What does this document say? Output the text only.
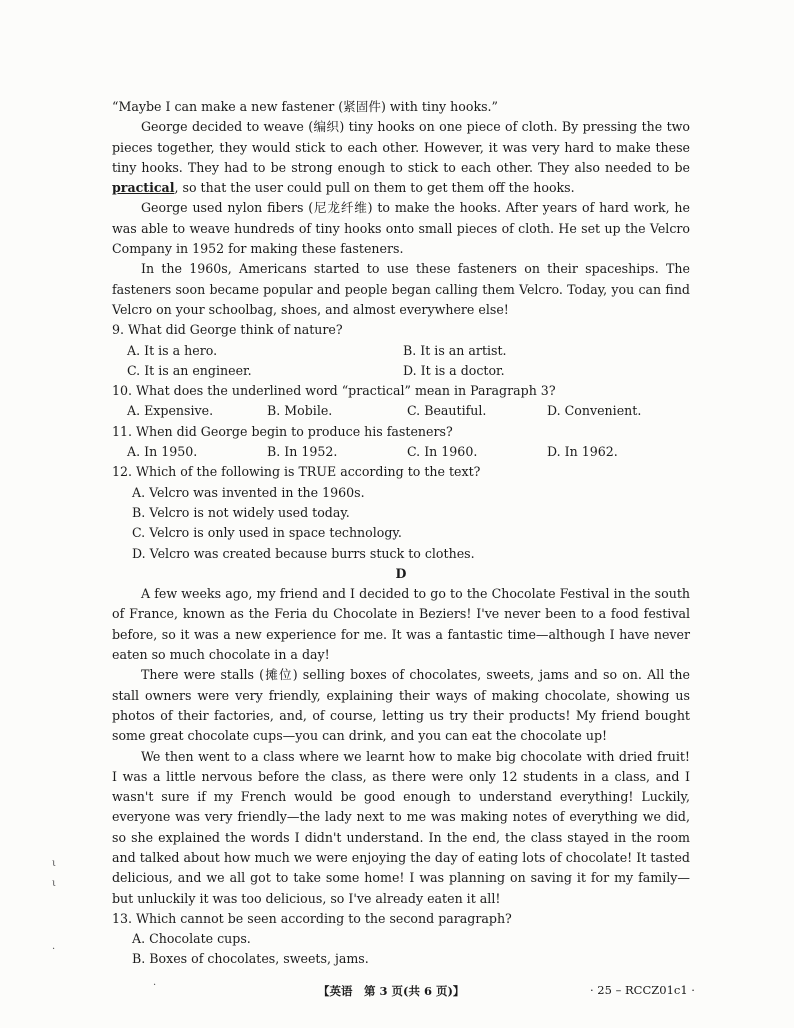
“Maybe I can make a new fastener (紧固件) with tiny hooks.”

George decided to weave (编织) tiny hooks on one piece of cloth. By pressing the two pieces together, they would stick to each other. However, it was very hard to make these tiny hooks. They had to be strong enough to stick to each other. They also needed to be practical, so that the user could pull on them to get them off the hooks.

George used nylon fibers (尼龙纤维) to make the hooks. After years of hard work, he was able to weave hundreds of tiny hooks onto small pieces of cloth. He set up the Velcro Company in 1952 for making these fasteners.

In the 1960s, Americans started to use these fasteners on their spaceships. The fasteners soon became popular and people began calling them Velcro. Today, you can find Velcro on your schoolbag, shoes, and almost everywhere else!

9. What did George think of nature?

A. It is a hero.	B. It is an artist.
C. It is an engineer.	D. It is a doctor.

10. What does the underlined word “practical” mean in Paragraph 3?

A. Expensive.	B. Mobile.	C. Beautiful.	D. Convenient.

11. When did George begin to produce his fasteners?

A. In 1950.	B. In 1952.	C. In 1960.	D. In 1962.

12. Which of the following is TRUE according to the text?

A. Velcro was invented in the 1960s.

B. Velcro is not widely used today.

C. Velcro is only used in space technology.

D. Velcro was created because burrs stuck to clothes.

D

A few weeks ago, my friend and I decided to go to the Chocolate Festival in the south of France, known as the Feria du Chocolate in Beziers! I've never been to a food festival before, so it was a new experience for me. It was a fantastic time—although I have never eaten so much chocolate in a day!

There were stalls (摊位) selling boxes of chocolates, sweets, jams and so on. All the stall owners were very friendly, explaining their ways of making chocolate, showing us photos of their factories, and, of course, letting us try their products! My friend bought some great chocolate cups—you can drink, and you can eat the chocolate up!

We then went to a class where we learnt how to make big chocolate with dried fruit! I was a little nervous before the class, as there were only 12 students in a class, and I wasn't sure if my French would be good enough to understand everything! Luckily, everyone was very friendly—the lady next to me was making notes of everything we did, so she explained the words I didn't understand. In the end, the class stayed in the room and talked about how much we were enjoying the day of eating lots of chocolate! It tasted delicious, and we all got to take some home! I was planning on saving it for my family—but unluckily it was too delicious, so I've already eaten it all!

13. Which cannot be seen according to the second paragraph?

A. Chocolate cups.

B. Boxes of chocolates, sweets, jams.

ι
ι
·
·	【英语　第 3 页(共 6 页)】	· 25 – RCCZ01c1 ·
